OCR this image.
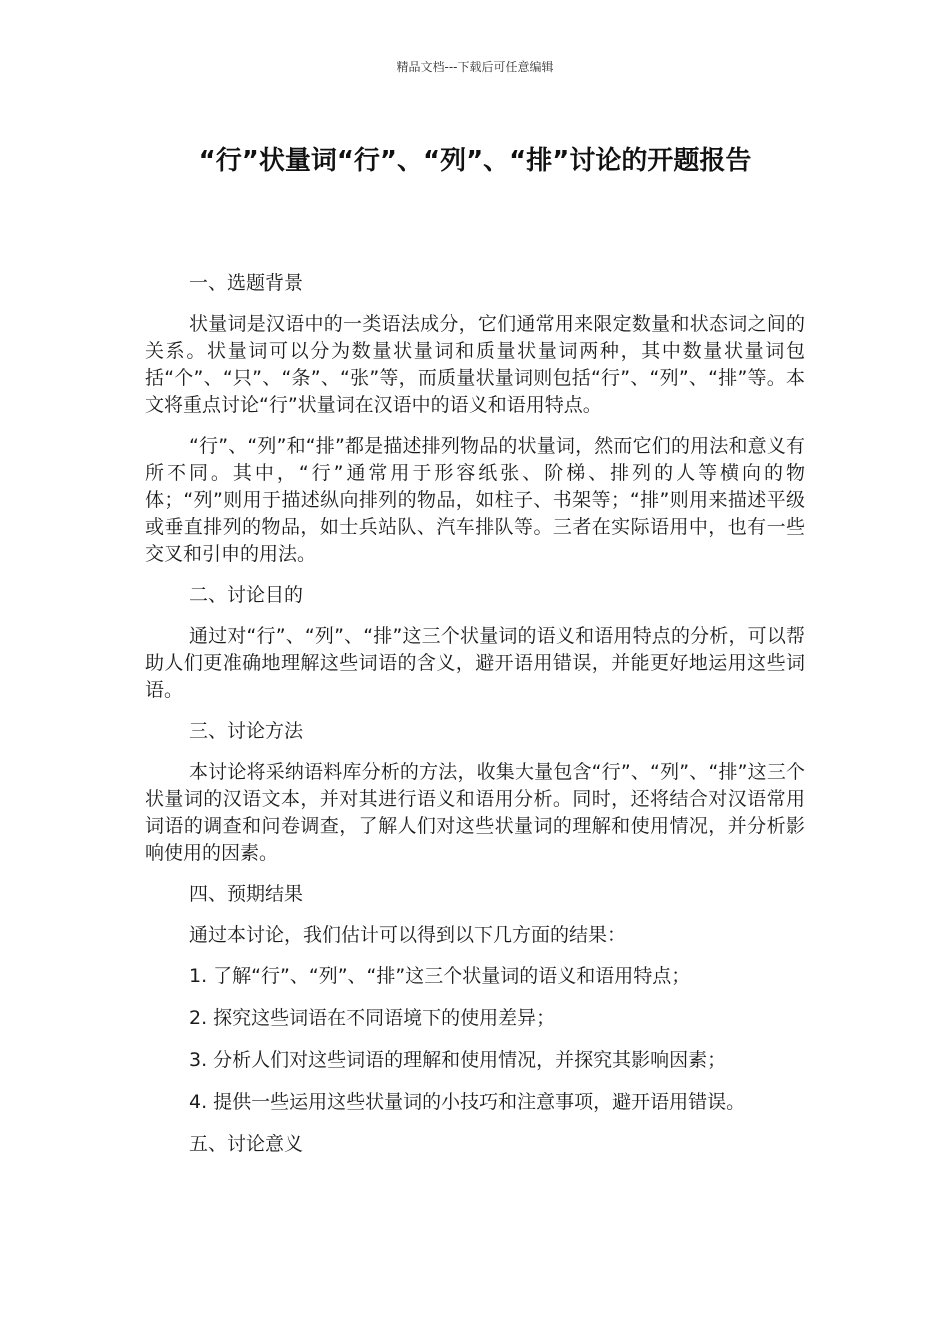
精品文档---下载后可任意编辑
“行”状量词“行”、“列”、“排”讨论的开题报告

一、选题背景

状量词是汉语中的一类语法成分，它们通常用来限定数量和状态词之间的关系。状量词可以分为数量状量词和质量状量词两种，其中数量状量词包括“个”、“只”、“条”、“张”等，而质量状量词则包括“行”、“列”、“排”等。本文将重点讨论“行”状量词在汉语中的语义和语用特点。

“行”、“列”和“排”都是描述排列物品的状量词，然而它们的用法和意义有所不同。其中，“行”通常用于形容纸张、阶梯、排列的人等横向的物体；“列”则用于描述纵向排列的物品，如柱子、书架等；“排”则用来描述平级或垂直排列的物品，如士兵站队、汽车排队等。三者在实际语用中，也有一些交叉和引申的用法。

二、讨论目的

通过对“行”、“列”、“排”这三个状量词的语义和语用特点的分析，可以帮助人们更准确地理解这些词语的含义，避开语用错误，并能更好地运用这些词语。

三、讨论方法

本讨论将采纳语料库分析的方法，收集大量包含“行”、“列”、“排”这三个状量词的汉语文本，并对其进行语义和语用分析。同时，还将结合对汉语常用词语的调查和问卷调查，了解人们对这些状量词的理解和使用情况，并分析影响使用的因素。

四、预期结果

通过本讨论，我们估计可以得到以下几方面的结果：

1. 了解“行”、“列”、“排”这三个状量词的语义和语用特点；

2. 探究这些词语在不同语境下的使用差异；

3. 分析人们对这些词语的理解和使用情况，并探究其影响因素；

4. 提供一些运用这些状量词的小技巧和注意事项，避开语用错误。

五、讨论意义
